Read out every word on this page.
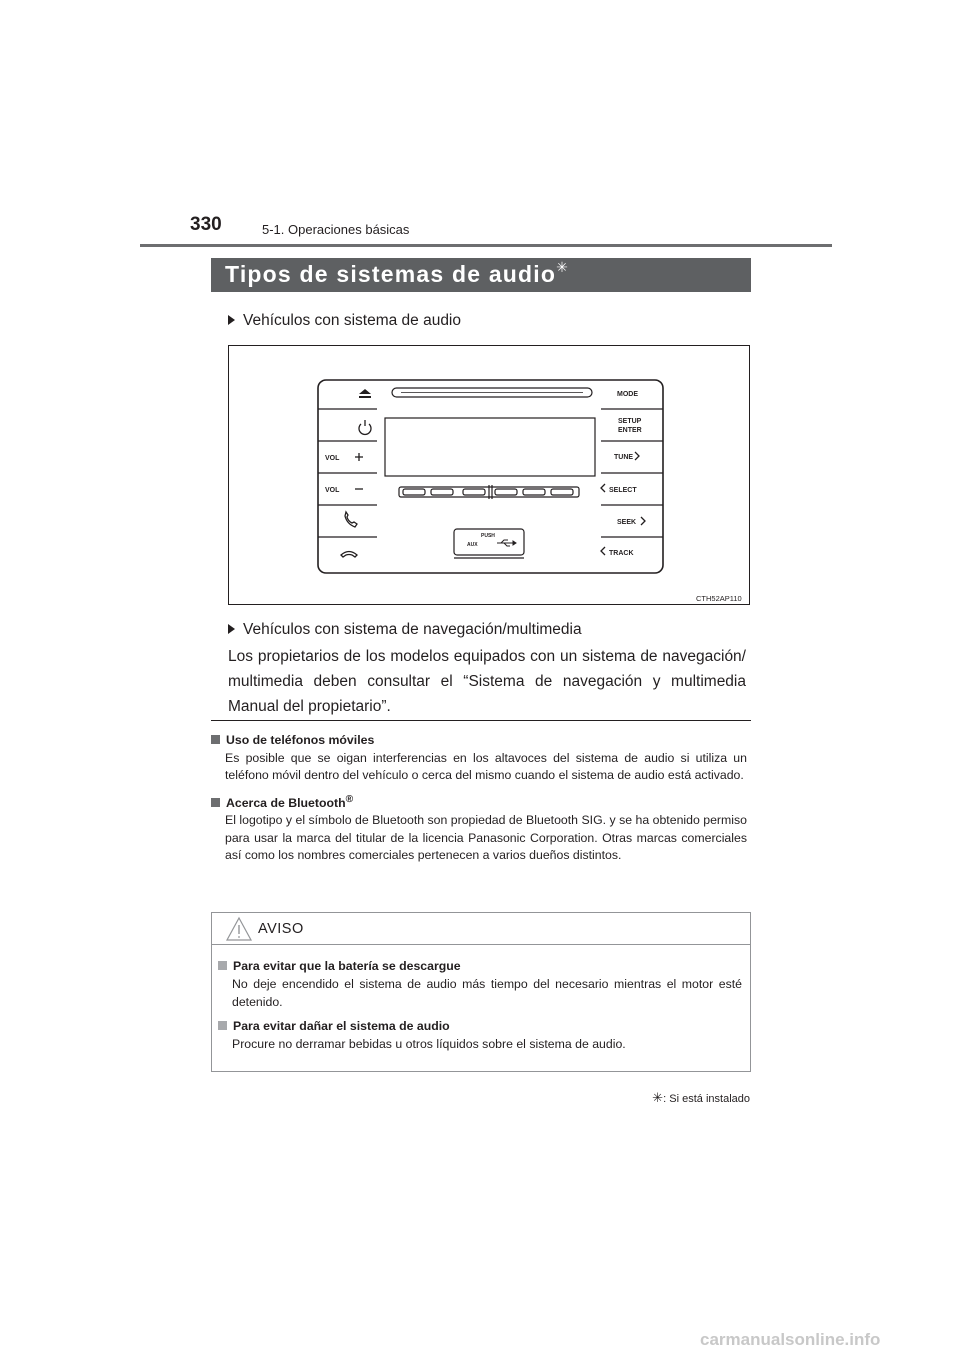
330	5-1. Operaciones básicas
Tipos de sistemas de audio✳
Vehículos con sistema de audio
VOL
VOL
MODE
SETUP
ENTER
TUNE
SELECT
SEEK
TRACK
PUSH
AUX
CTH52AP110
Vehículos con sistema de navegación/multimedia
Los propietarios de los modelos equipados con un sistema de navegación/ multimedia deben consultar el “Sistema de navegación y multimedia Manual del propietario”.
Uso de teléfonos móviles
Es posible que se oigan interferencias en los altavoces del sistema de audio si utiliza un teléfono móvil dentro del vehículo o cerca del mismo cuando el sistema de audio está activado.
Acerca de Bluetooth®
El logotipo y el símbolo de Bluetooth son propiedad de Bluetooth SIG. y se ha obtenido permiso para usar la marca del titular de la licencia Panasonic Corporation. Otras marcas comerciales así como los nombres comerciales pertenecen a varios dueños distintos.
AVISO
Para evitar que la batería se descargue
No deje encendido el sistema de audio más tiempo del necesario mientras el motor esté detenido.
Para evitar dañar el sistema de audio
Procure no derramar bebidas u otros líquidos sobre el sistema de audio.
✳: Si está instalado
carmanualsonline.info
